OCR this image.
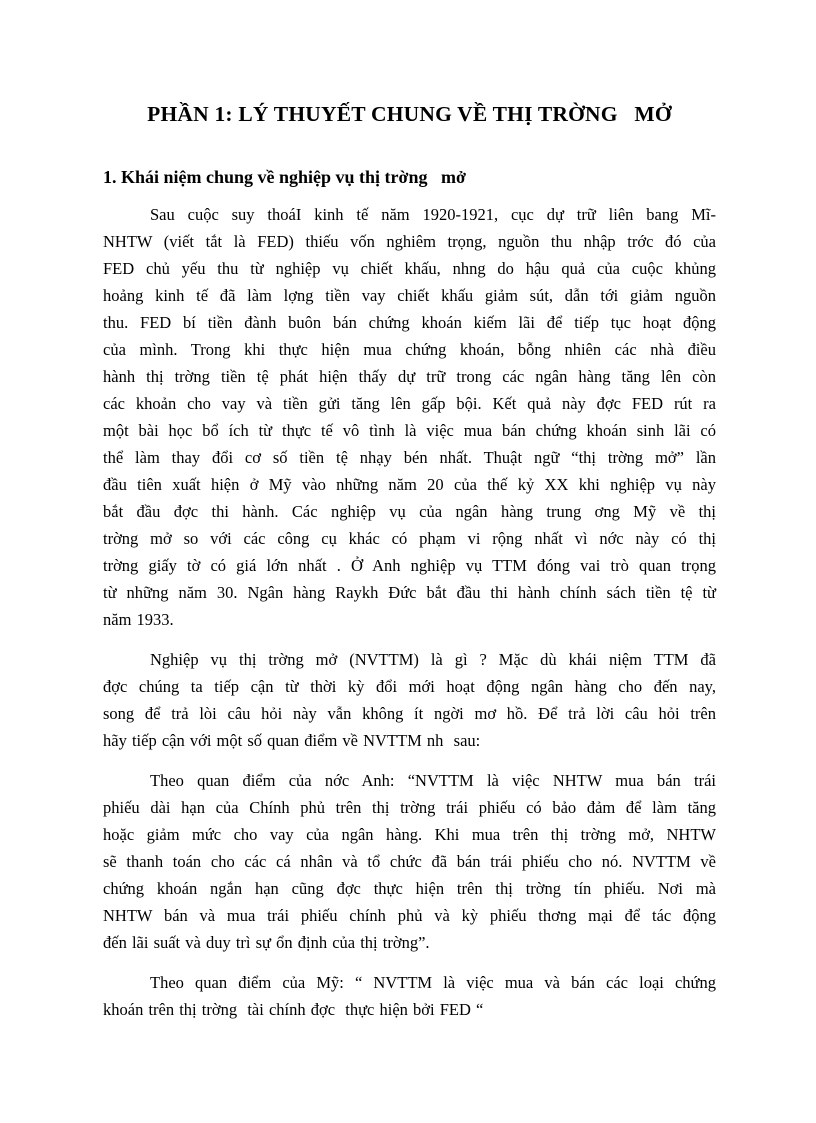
PHẦN 1: LÝ THUYẾT CHUNG VỀ THỊ TRỜNG   MỞ
1. Khái niệm chung về nghiệp vụ thị trờng   mở
Sau cuộc suy thoáI kinh tế năm 1920-1921, cục dự trữ liên bang Mĩ-
NHTW (viết tắt là FED) thiếu vốn nghiêm trọng, nguồn thu nhập trớc đó của
FED chủ yếu thu từ nghiệp vụ chiết khấu, nhng do hậu quả của cuộc khủng
hoảng kinh tế đã làm lợng tiền vay chiết khấu giảm sút, dẫn tới giảm nguồn
thu. FED bí tiền đành buôn bán chứng khoán kiếm lãi để tiếp tục hoạt động
của mình. Trong khi thực hiện mua chứng khoán, bỗng nhiên các nhà điều
hành thị trờng tiền tệ phát hiện thấy dự trữ trong các ngân hàng tăng lên còn
các khoản cho vay và tiền gửi tăng lên gấp bội. Kết quả này đợc FED rút ra
một bài học bổ ích từ thực tế vô tình là việc mua bán chứng khoán sinh lãi có
thể làm thay đổi cơ số tiền tệ nhạy bén nhất. Thuật ngữ “thị trờng mở” lần
đầu tiên xuất hiện ở Mỹ vào những năm 20 của thế kỷ XX khi nghiệp vụ này
bắt đầu đợc thi hành. Các nghiệp vụ của ngân hàng trung ơng Mỹ về thị
trờng mở so với các công cụ khác có phạm vi rộng nhất vì nớc này có thị
trờng giấy tờ có giá lớn nhất . Ở Anh nghiệp vụ TTM đóng vai trò quan trọng
từ những năm 30. Ngân hàng Raykh Đức bắt đầu thi hành chính sách tiền tệ từ
năm 1933.
Nghiệp vụ thị trờng mở (NVTTM) là gì ? Mặc dù khái niệm TTM đã
đợc chúng ta tiếp cận từ thời kỳ đổi mới hoạt động ngân hàng cho đến nay,
song để trả lòi câu hỏi này vẫn không ít ngời mơ hồ. Để trả lời câu hỏi trên
hãy tiếp cận với một số quan điểm về NVTTM nh  sau:
Theo quan điểm của nớc Anh: “NVTTM là việc NHTW mua bán trái
phiếu dài hạn của Chính phủ trên thị trờng trái phiếu có bảo đảm để làm tăng
hoặc giảm mức cho vay của ngân hàng. Khi mua trên thị trờng mở, NHTW
sẽ thanh toán cho các cá nhân và tổ chức đã bán trái phiếu cho nó. NVTTM về
chứng khoán ngắn hạn cũng đợc thực hiện trên thị trờng tín phiếu. Nơi mà
NHTW bán và mua trái phiếu chính phủ và kỳ phiếu thơng mại để tác động
đến lãi suất và duy trì sự ổn định của thị trờng”.
Theo quan điểm của Mỹ: “ NVTTM là việc mua và bán các loại chứng
khoán trên thị trờng  tài chính đợc  thực hiện bởi FED “
